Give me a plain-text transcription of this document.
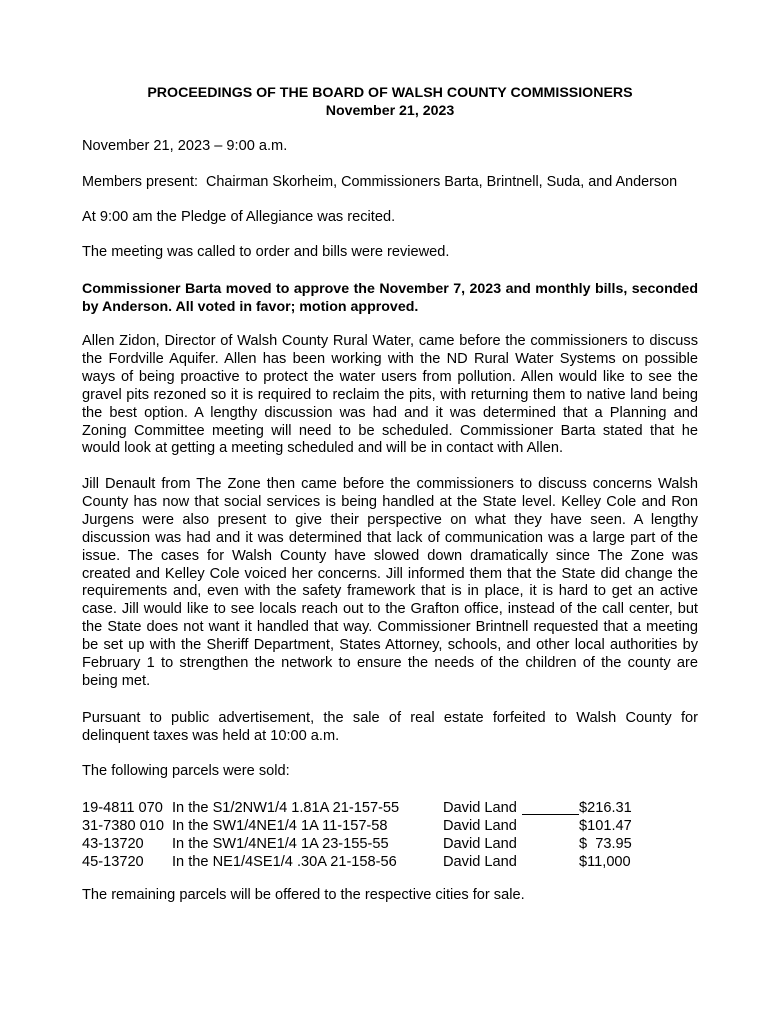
PROCEEDINGS OF THE BOARD OF WALSH COUNTY COMMISSIONERS
November 21, 2023

November 21, 2023 – 9:00 a.m.

Members present:  Chairman Skorheim, Commissioners Barta, Brintnell, Suda, and Anderson

At 9:00 am the Pledge of Allegiance was recited.

The meeting was called to order and bills were reviewed.

Commissioner Barta moved to approve the November 7, 2023 and monthly bills, seconded by Anderson. All voted in favor; motion approved.

Allen Zidon, Director of Walsh County Rural Water, came before the commissioners to discuss the Fordville Aquifer. Allen has been working with the ND Rural Water Systems on possible ways of being proactive to protect the water users from pollution. Allen would like to see the gravel pits rezoned so it is required to reclaim the pits, with returning them to native land being the best option. A lengthy discussion was had and it was determined that a Planning and Zoning Committee meeting will need to be scheduled. Commissioner Barta stated that he would look at getting a meeting scheduled and will be in contact with Allen.

Jill Denault from The Zone then came before the commissioners to discuss concerns Walsh County has now that social services is being handled at the State level. Kelley Cole and Ron Jurgens were also present to give their perspective on what they have seen. A lengthy discussion was had and it was determined that lack of communication was a large part of the issue. The cases for Walsh County have slowed down dramatically since The Zone was created and Kelley Cole voiced her concerns. Jill informed them that the State did change the requirements and, even with the safety framework that is in place, it is hard to get an active case. Jill would like to see locals reach out to the Grafton office, instead of the call center, but the State does not want it handled that way. Commissioner Brintnell requested that a meeting be set up with the Sheriff Department, States Attorney, schools, and other local authorities by February 1 to strengthen the network to ensure the needs of the children of the county are being met.

Pursuant to public advertisement, the sale of real estate forfeited to Walsh County for delinquent taxes was held at 10:00 a.m.

The following parcels were sold:

19-4811 070 In the S1/2NW1/4 1.81A 21-157-55	David Land	$216.31
31-7380 010 In the SW1/4NE1/4 1A 11-157-58	David Land	$101.47
43-13720 In the SW1/4NE1/4 1A 23-155-55	David Land	$  73.95
45-13720 In the NE1/4SE1/4 .30A 21-158-56	David Land	$11,000

The remaining parcels will be offered to the respective cities for sale.
